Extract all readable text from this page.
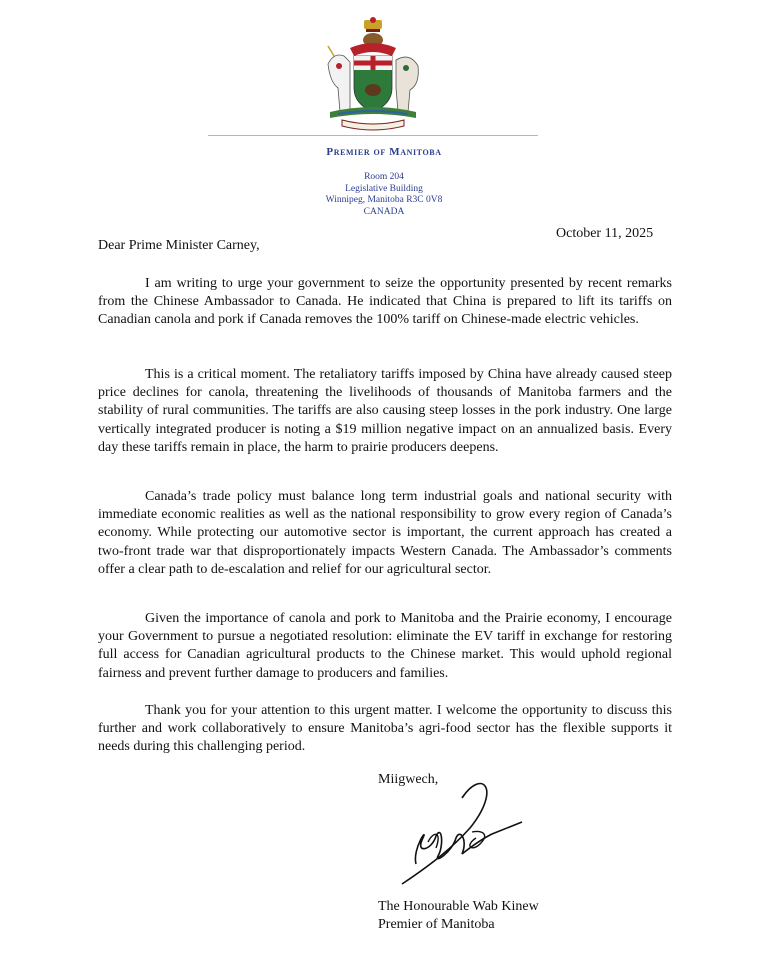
Premier of Manitoba
Room 204
Legislative Building
Winnipeg, Manitoba R3C 0V8
CANADA
October 11, 2025
Dear Prime Minister Carney,

I am writing to urge your government to seize the opportunity presented by recent remarks from the Chinese Ambassador to Canada. He indicated that China is prepared to lift its tariffs on Canadian canola and pork if Canada removes the 100% tariff on Chinese-made electric vehicles.

This is a critical moment. The retaliatory tariffs imposed by China have already caused steep price declines for canola, threatening the livelihoods of thousands of Manitoba farmers and the stability of rural communities. The tariffs are also causing steep losses in the pork industry. One large vertically integrated producer is noting a $19 million negative impact on an annualized basis. Every day these tariffs remain in place, the harm to prairie producers deepens.

Canada’s trade policy must balance long term industrial goals and national security with immediate economic realities as well as the national responsibility to grow every region of Canada’s economy. While protecting our automotive sector is important, the current approach has created a two-front trade war that disproportionately impacts Western Canada. The Ambassador’s comments offer a clear path to de-escalation and relief for our agricultural sector.

Given the importance of canola and pork to Manitoba and the Prairie economy, I encourage your Government to pursue a negotiated resolution: eliminate the EV tariff in exchange for restoring full access for Canadian agricultural products to the Chinese market. This would uphold regional fairness and prevent further damage to producers and families.

Thank you for your attention to this urgent matter. I welcome the opportunity to discuss this further and work collaboratively to ensure Manitoba’s agri-food sector has the flexible supports it needs during this challenging period.

Miigwech,
The Honourable Wab Kinew
Premier of Manitoba
